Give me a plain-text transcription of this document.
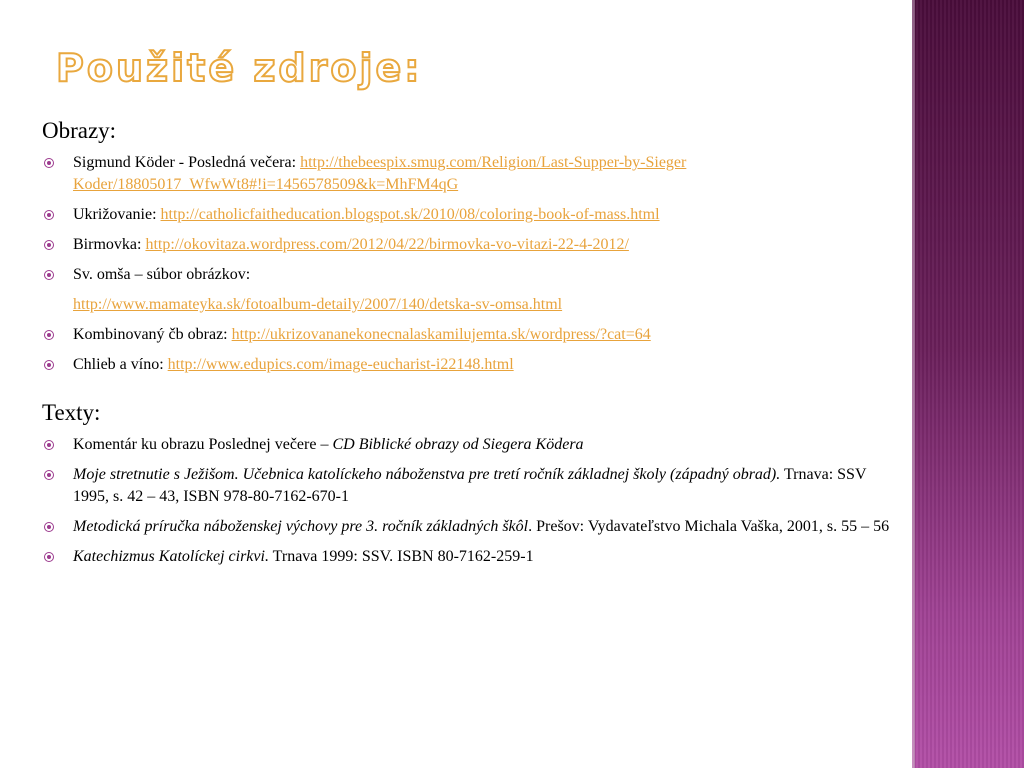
Použité zdroje:
Obrazy:
Sigmund Köder - Posledná večera: http://thebeespix.smug.com/Religion/Last-Supper-by-Sieger Koder/18805017_WfwWt8#!i=1456578509&k=MhFM4qG
Ukrižovanie: http://catholicfaitheducation.blogspot.sk/2010/08/coloring-book-of-mass.html
Birmovka: http://okovitaza.wordpress.com/2012/04/22/birmovka-vo-vitazi-22-4-2012/
Sv. omša – súbor obrázkov:
http://www.mamateyka.sk/fotoalbum-detaily/2007/140/detska-sv-omsa.html
Kombinovaný čb obraz: http://ukrizovananekonecnalaskamilujemta.sk/wordpress/?cat=64
Chlieb a víno: http://www.edupics.com/image-eucharist-i22148.html
Texty:
Komentár ku obrazu Poslednej večere – CD Biblické obrazy od Siegera Ködera
Moje stretnutie s Ježišom. Učebnica katolíckeho náboženstva pre tretí ročník základnej školy (západný obrad). Trnava: SSV 1995, s. 42 – 43, ISBN 978-80-7162-670-1
Metodická príručka náboženskej výchovy pre 3. ročník základných škôl. Prešov: Vydavateľstvo Michala Vaška, 2001, s. 55 – 56
Katechizmus Katolíckej cirkvi. Trnava 1999: SSV. ISBN 80-7162-259-1
